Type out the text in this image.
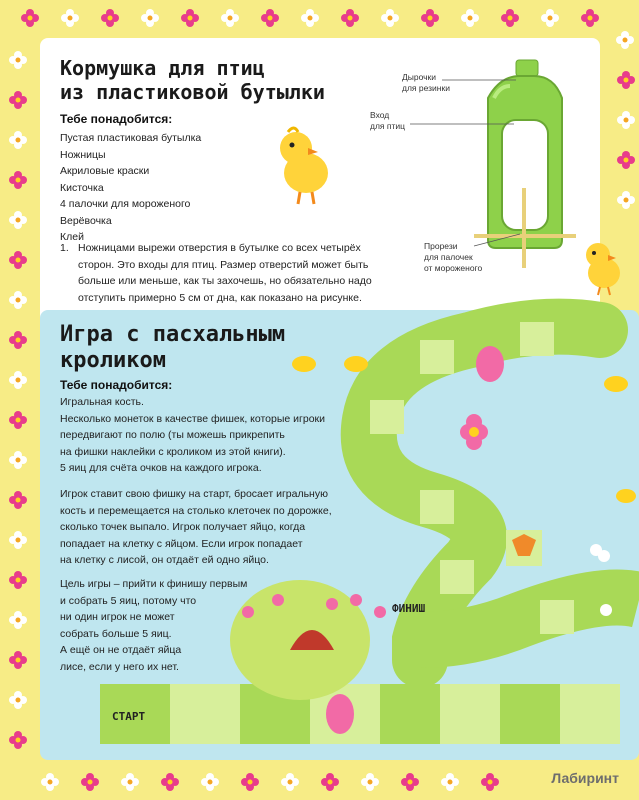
Кормушка для птиц
из пластиковой бутылки
Тебе понадобится:
Пустая пластиковая бутылка
Ножницы
Акриловые краски
Кисточка
4 палочки для мороженого
Верёвочка
Клей
1. Ножницами вырежи отверстия в бутылке со всех четырёх
сторон. Это входы для птиц. Размер отверстий может быть
больше или меньше, как ты захочешь, но обязательно надо
отступить примерно 5 см от дна, как показано на рисунке.
Дырочки
для резинки
Вход
для птиц
Прорези
для палочек
от мороженого
Игра с пасхальным
кроликом
Тебе понадобится:
Игральная кость.
Несколько монеток в качестве фишек, которые игроки
передвигают по полю (ты можешь прикрепить
на фишки наклейки с кроликом из этой книги).
5 яиц для счёта очков на каждого игрока.
Игрок ставит свою фишку на старт, бросает игральную
кость и перемещается на столько клеточек по дорожке,
сколько точек выпало. Игрок получает яйцо, когда
попадает на клетку с яйцом. Если игрок попадает
на клетку с лисой, он отдаёт ей одно яйцо.
Цель игры – прийти к финишу первым
и собрать 5 яиц, потому что
ни один игрок не может
собрать больше 5 яиц.
А ещё он не отдаёт яйца
лисе, если у него их нет.
СТАРТ
ФИНИШ
Лабиринт
